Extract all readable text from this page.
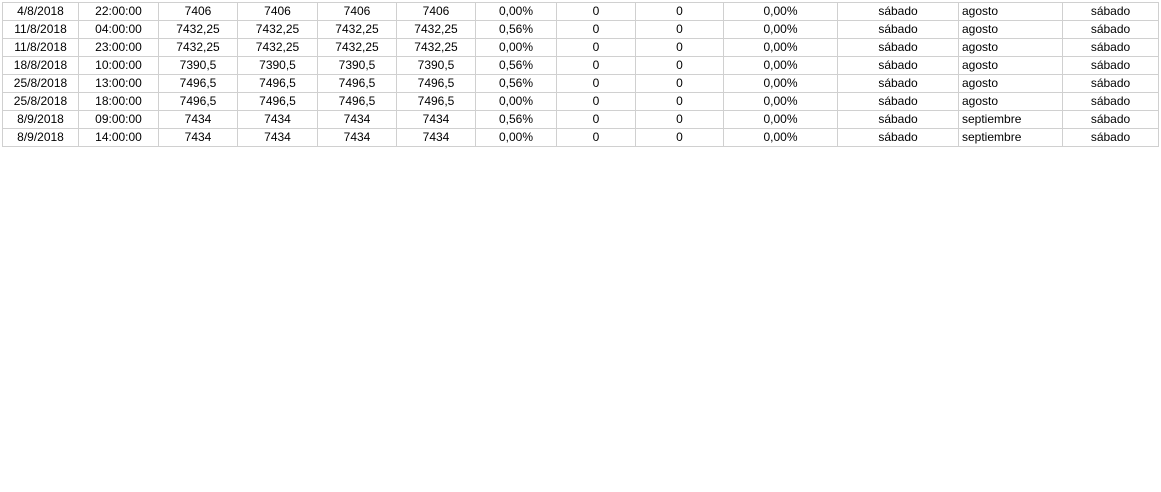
4/8/2018	22:00:00	7406	7406	7406	7406	0,00%	0	0	0,00%	sábado	agosto	sábado
11/8/2018	04:00:00	7432,25	7432,25	7432,25	7432,25	0,56%	0	0	0,00%	sábado	agosto	sábado
11/8/2018	23:00:00	7432,25	7432,25	7432,25	7432,25	0,00%	0	0	0,00%	sábado	agosto	sábado
18/8/2018	10:00:00	7390,5	7390,5	7390,5	7390,5	0,56%	0	0	0,00%	sábado	agosto	sábado
25/8/2018	13:00:00	7496,5	7496,5	7496,5	7496,5	0,56%	0	0	0,00%	sábado	agosto	sábado
25/8/2018	18:00:00	7496,5	7496,5	7496,5	7496,5	0,00%	0	0	0,00%	sábado	agosto	sábado
8/9/2018	09:00:00	7434	7434	7434	7434	0,56%	0	0	0,00%	sábado	septiembre	sábado
8/9/2018	14:00:00	7434	7434	7434	7434	0,00%	0	0	0,00%	sábado	septiembre	sábado
